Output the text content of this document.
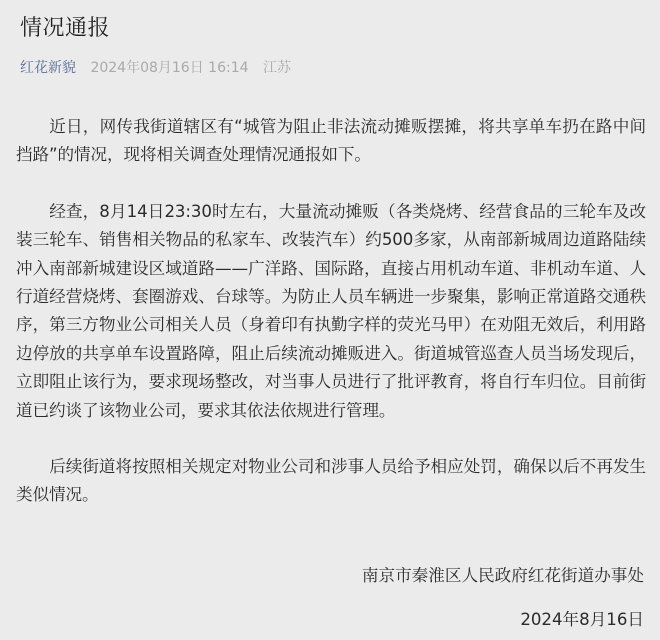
情况通报
红花新貌 2024年08月16日 16:14 江苏

近日，网传我街道辖区有“城管为阻止非法流动摊贩摆摊，将共享单车扔在路中间挡路”的情况，现将相关调查处理情况通报如下。

经查，8月14日23:30时左右，大量流动摊贩（各类烧烤、经营食品的三轮车及改装三轮车、销售相关物品的私家车、改装汽车）约500多家，从南部新城周边道路陆续冲入南部新城建设区域道路——广洋路、国际路，直接占用机动车道、非机动车道、人行道经营烧烤、套圈游戏、台球等。为防止人员车辆进一步聚集，影响正常道路交通秩序，第三方物业公司相关人员（身着印有执勤字样的荧光马甲）在劝阻无效后，利用路边停放的共享单车设置路障，阻止后续流动摊贩进入。街道城管巡查人员当场发现后，立即阻止该行为，要求现场整改，对当事人员进行了批评教育，将自行车归位。目前街道已约谈了该物业公司，要求其依法依规进行管理。

后续街道将按照相关规定对物业公司和涉事人员给予相应处罚，确保以后不再发生类似情况。

南京市秦淮区人民政府红花街道办事处
2024年8月16日
